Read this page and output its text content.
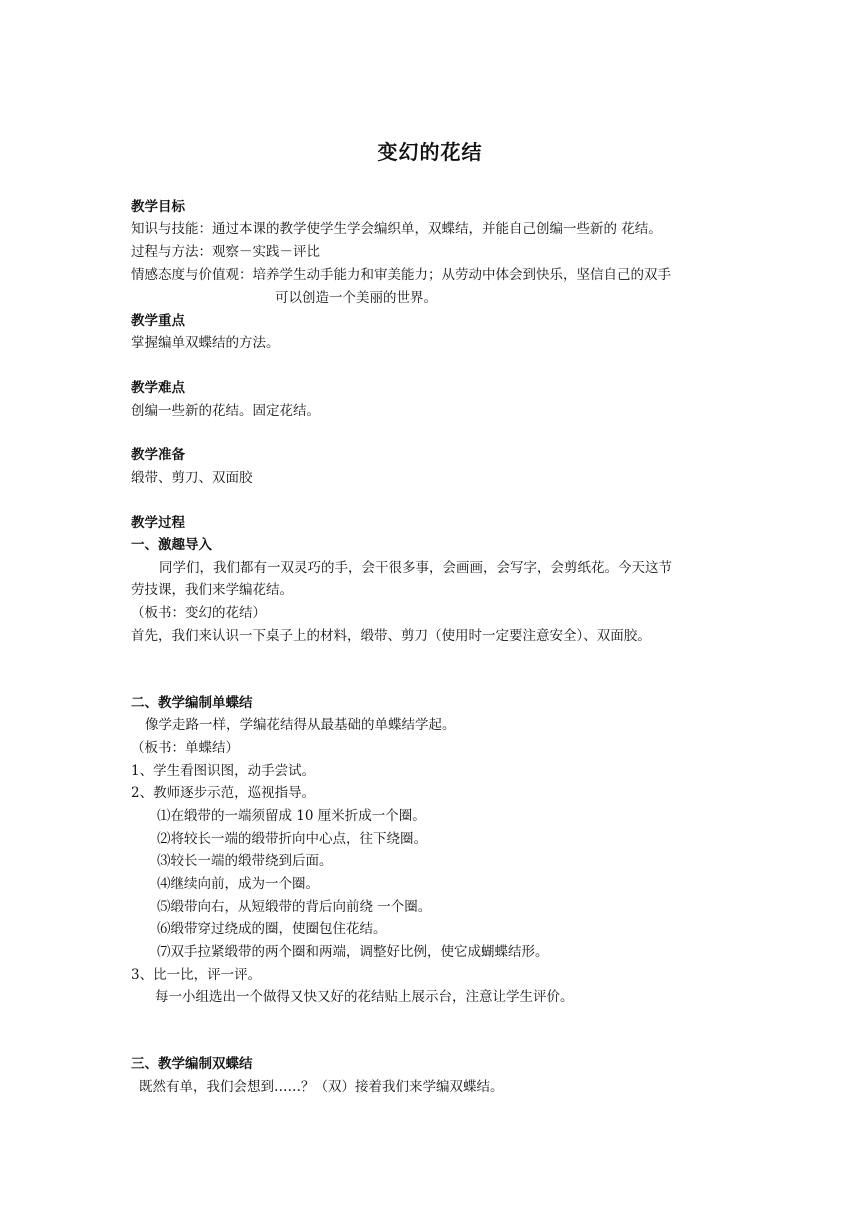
变幻的花结
教学目标
知识与技能：通过本课的教学使学生学会编织单，双蝶结，并能自己创编一些新的 花结。
过程与方法：观察－实践－评比
情感态度与价值观：培养学生动手能力和审美能力；从劳动中体会到快乐，坚信自己的双手
可以创造一个美丽的世界。
教学重点
掌握编单双蝶结的方法。
教学难点
创编一些新的花结。固定花结。
教学准备
缎带、剪刀、双面胶
教学过程
一、激趣导入
同学们，我们都有一双灵巧的手，会干很多事，会画画，会写字，会剪纸花。今天这节
劳技课，我们来学编花结。
（板书：变幻的花结）
首先，我们来认识一下桌子上的材料，缎带、剪刀（使用时一定要注意安全）、双面胶。
二、教学编制单蝶结
像学走路一样，学编花结得从最基础的单蝶结学起。
（板书：单蝶结）
1、学生看图识图，动手尝试。
2、教师逐步示范，巡视指导。
⑴在缎带的一端须留成 10 厘米折成一个圈。
⑵将较长一端的缎带折向中心点，往下绕圈。
⑶较长一端的缎带绕到后面。
⑷继续向前，成为一个圈。
⑸缎带向右，从短缎带的背后向前绕 一个圈。
⑹缎带穿过绕成的圈，使圈包住花结。
⑺双手拉紧缎带的两个圈和两端，调整好比例，使它成蝴蝶结形。
3、比一比，评一评。
每一小组选出一个做得又快又好的花结贴上展示台，注意让学生评价。
三、教学编制双蝶结
既然有单，我们会想到……？（双）接着我们来学编双蝶结。
